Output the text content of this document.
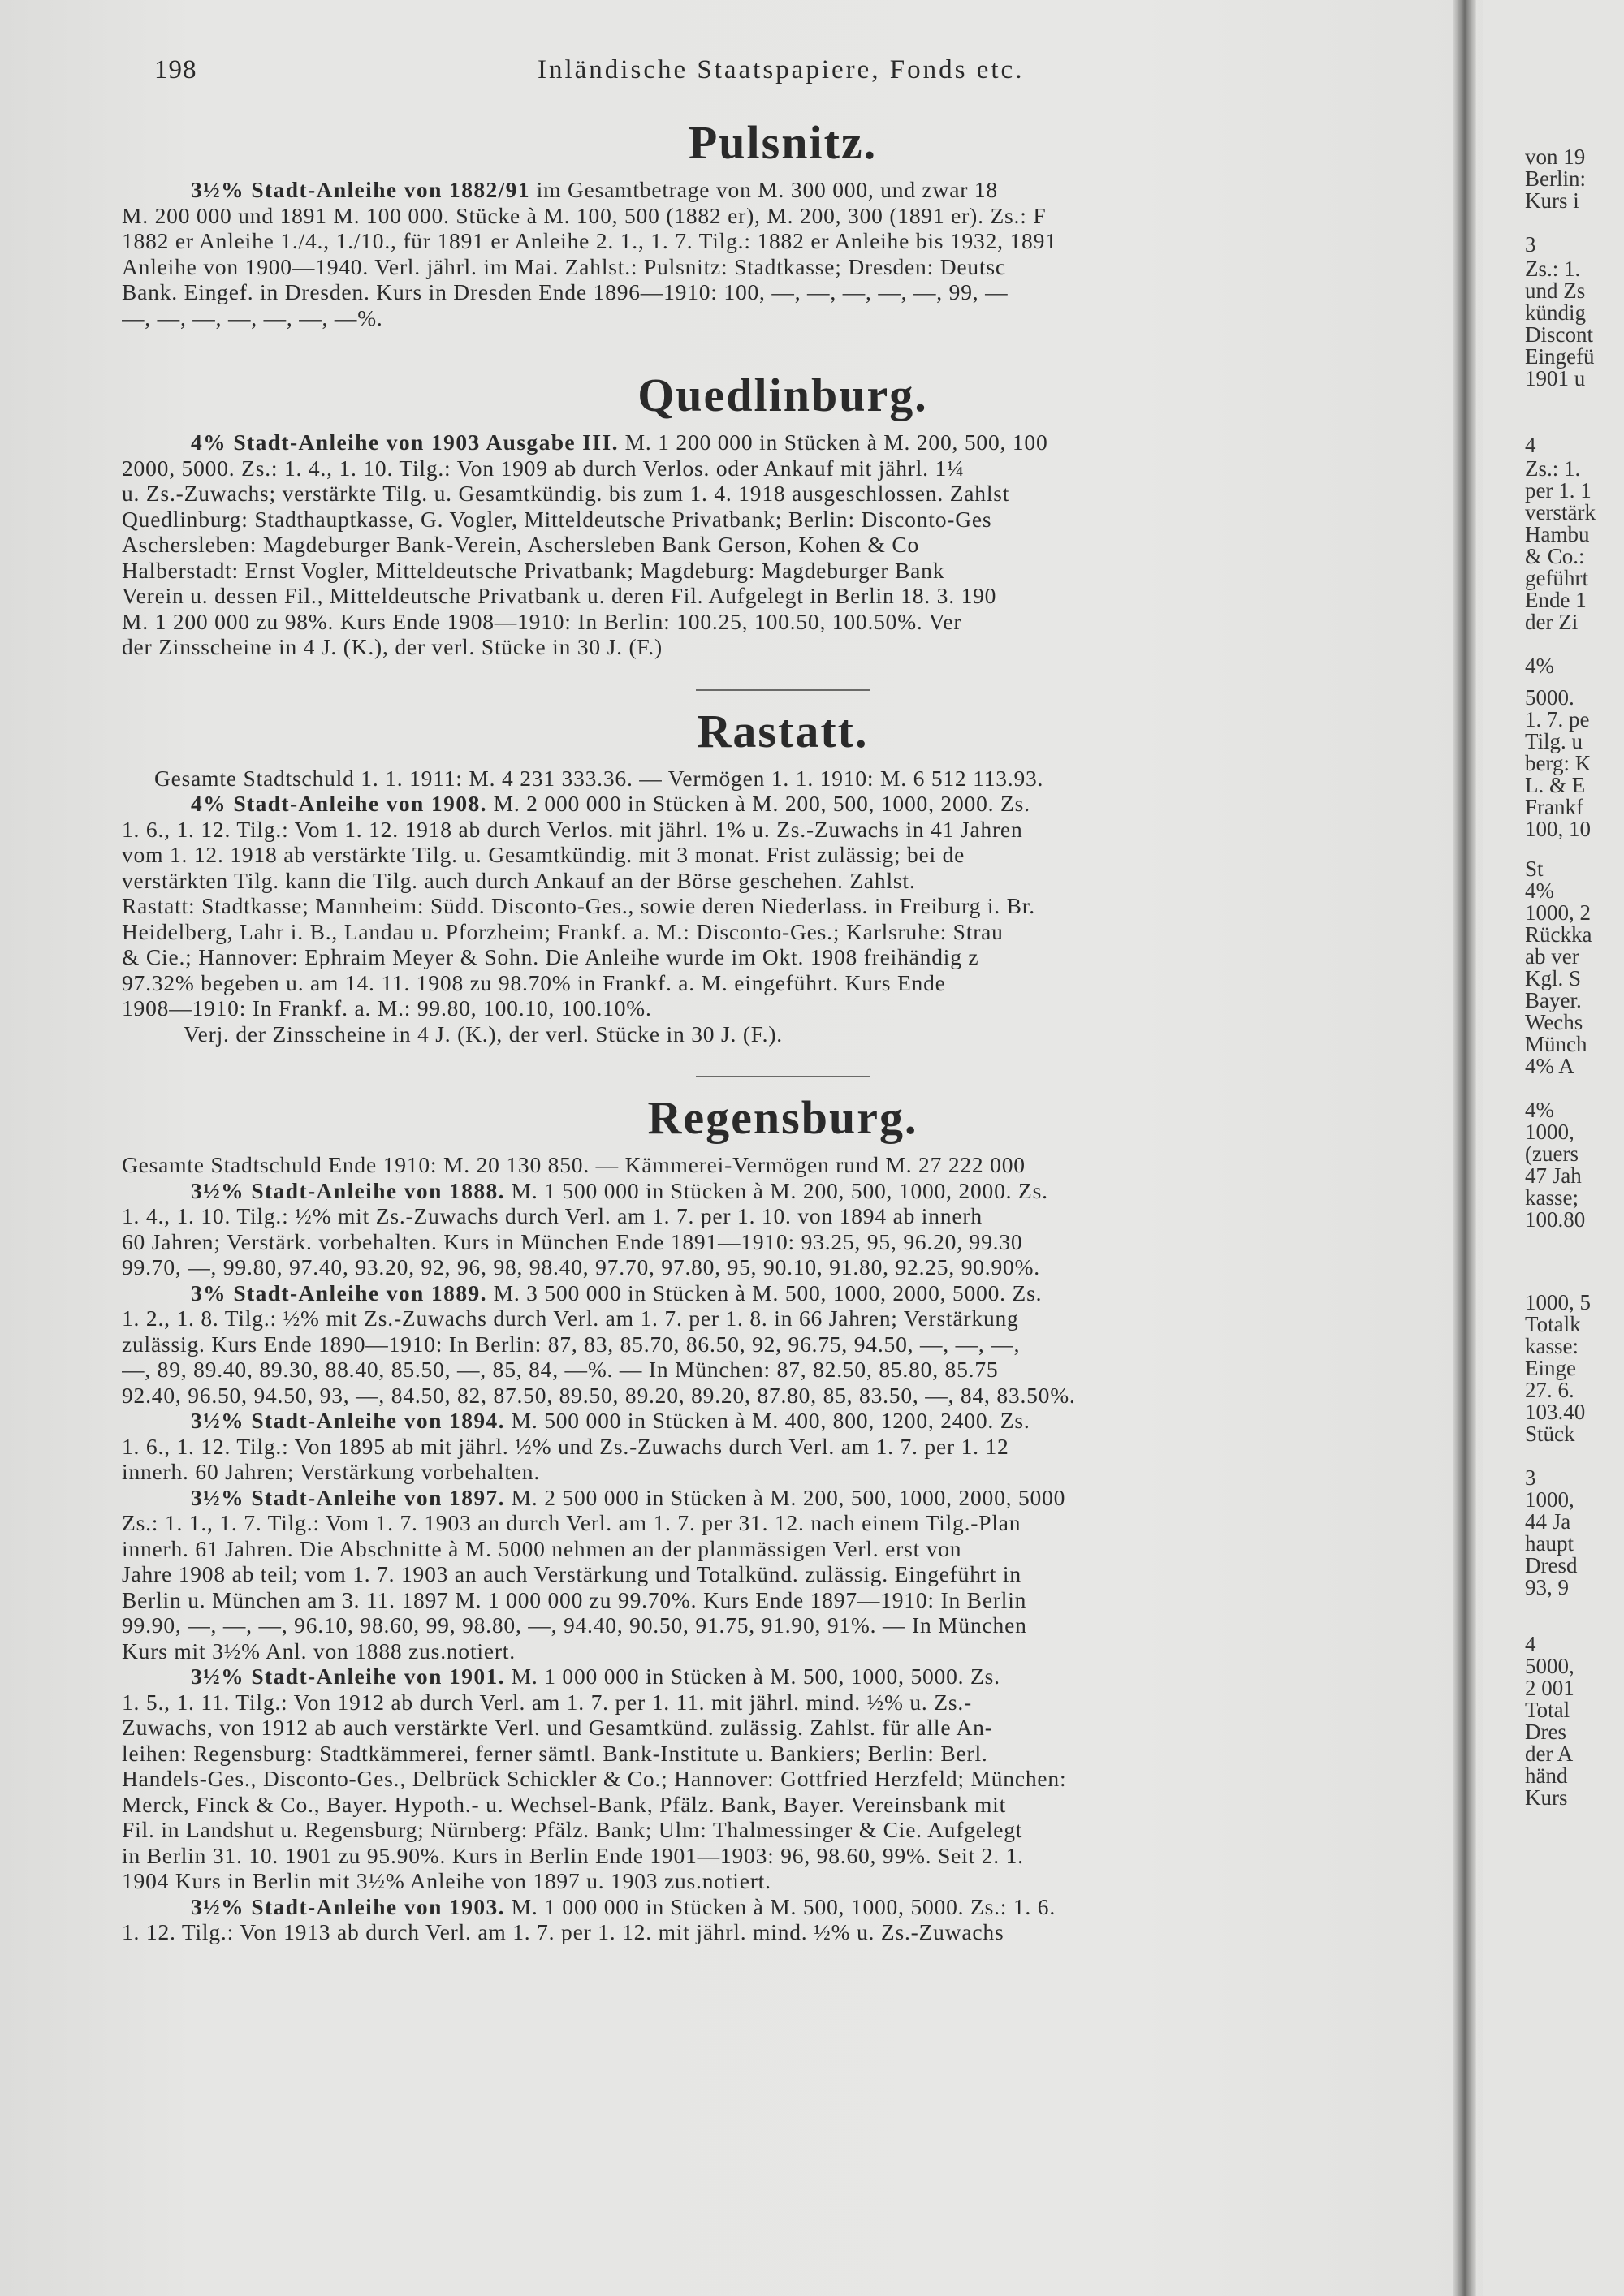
198	Inländische Staatspapiere, Fonds etc.
Pulsnitz.

3½% Stadt-Anleihe von 1882/91 im Gesamtbetrage von M. 300 000, und zwar 18

M. 200 000 und 1891 M. 100 000. Stücke à M. 100, 500 (1882 er), M. 200, 300 (1891 er). Zs.: F

1882 er Anleihe 1./4., 1./10., für 1891 er Anleihe 2. 1., 1. 7. Tilg.: 1882 er Anleihe bis 1932, 1891

Anleihe von 1900—1940. Verl. jährl. im Mai. Zahlst.: Pulsnitz: Stadtkasse; Dresden: Deutsc

Bank. Eingef. in Dresden. Kurs in Dresden Ende 1896—1910: 100, —, —, —, —, —, 99, —

—, —, —, —, —, —, —%.

Quedlinburg.

4% Stadt-Anleihe von 1903 Ausgabe III. M. 1 200 000 in Stücken à M. 200, 500, 100

2000, 5000. Zs.: 1. 4., 1. 10. Tilg.: Von 1909 ab durch Verlos. oder Ankauf mit jährl. 1¼

u. Zs.-Zuwachs; verstärkte Tilg. u. Gesamtkündig. bis zum 1. 4. 1918 ausgeschlossen. Zahlst

Quedlinburg: Stadthauptkasse, G. Vogler, Mitteldeutsche Privatbank; Berlin: Disconto-Ges

Aschersleben: Magdeburger Bank-Verein, Aschersleben Bank Gerson, Kohen & Co

Halberstadt: Ernst Vogler, Mitteldeutsche Privatbank; Magdeburg: Magdeburger Bank

Verein u. dessen Fil., Mitteldeutsche Privatbank u. deren Fil. Aufgelegt in Berlin 18. 3. 190

M. 1 200 000 zu 98%. Kurs Ende 1908—1910: In Berlin: 100.25, 100.50, 100.50%. Ver

der Zinsscheine in 4 J. (K.), der verl. Stücke in 30 J. (F.)

Rastatt.

Gesamte Stadtschuld 1. 1. 1911: M. 4 231 333.36. — Vermögen 1. 1. 1910: M. 6 512 113.93.

4% Stadt-Anleihe von 1908. M. 2 000 000 in Stücken à M. 200, 500, 1000, 2000. Zs.

1. 6., 1. 12. Tilg.: Vom 1. 12. 1918 ab durch Verlos. mit jährl. 1% u. Zs.-Zuwachs in 41 Jahren

vom 1. 12. 1918 ab verstärkte Tilg. u. Gesamtkündig. mit 3 monat. Frist zulässig; bei de

verstärkten Tilg. kann die Tilg. auch durch Ankauf an der Börse geschehen. Zahlst.

Rastatt: Stadtkasse; Mannheim: Südd. Disconto-Ges., sowie deren Niederlass. in Freiburg i. Br.

Heidelberg, Lahr i. B., Landau u. Pforzheim; Frankf. a. M.: Disconto-Ges.; Karlsruhe: Strau

& Cie.; Hannover: Ephraim Meyer & Sohn. Die Anleihe wurde im Okt. 1908 freihändig z

97.32% begeben u. am 14. 11. 1908 zu 98.70% in Frankf. a. M. eingeführt. Kurs Ende

1908—1910: In Frankf. a. M.: 99.80, 100.10, 100.10%.

Verj. der Zinsscheine in 4 J. (K.), der verl. Stücke in 30 J. (F.).

Regensburg.

Gesamte Stadtschuld Ende 1910: M. 20 130 850. — Kämmerei-Vermögen rund M. 27 222 000

3½% Stadt-Anleihe von 1888. M. 1 500 000 in Stücken à M. 200, 500, 1000, 2000. Zs.

1. 4., 1. 10. Tilg.: ½% mit Zs.-Zuwachs durch Verl. am 1. 7. per 1. 10. von 1894 ab innerh

60 Jahren; Verstärk. vorbehalten. Kurs in München Ende 1891—1910: 93.25, 95, 96.20, 99.30

99.70, —, 99.80, 97.40, 93.20, 92, 96, 98, 98.40, 97.70, 97.80, 95, 90.10, 91.80, 92.25, 90.90%.

3% Stadt-Anleihe von 1889. M. 3 500 000 in Stücken à M. 500, 1000, 2000, 5000. Zs.

1. 2., 1. 8. Tilg.: ½% mit Zs.-Zuwachs durch Verl. am 1. 7. per 1. 8. in 66 Jahren; Verstärkung

zulässig. Kurs Ende 1890—1910: In Berlin: 87, 83, 85.70, 86.50, 92, 96.75, 94.50, —, —, —,

—, 89, 89.40, 89.30, 88.40, 85.50, —, 85, 84, —%. — In München: 87, 82.50, 85.80, 85.75

92.40, 96.50, 94.50, 93, —, 84.50, 82, 87.50, 89.50, 89.20, 89.20, 87.80, 85, 83.50, —, 84, 83.50%.

3½% Stadt-Anleihe von 1894. M. 500 000 in Stücken à M. 400, 800, 1200, 2400. Zs.

1. 6., 1. 12. Tilg.: Von 1895 ab mit jährl. ½% und Zs.-Zuwachs durch Verl. am 1. 7. per 1. 12

innerh. 60 Jahren; Verstärkung vorbehalten.

3½% Stadt-Anleihe von 1897. M. 2 500 000 in Stücken à M. 200, 500, 1000, 2000, 5000

Zs.: 1. 1., 1. 7. Tilg.: Vom 1. 7. 1903 an durch Verl. am 1. 7. per 31. 12. nach einem Tilg.-Plan

innerh. 61 Jahren. Die Abschnitte à M. 5000 nehmen an der planmässigen Verl. erst von

Jahre 1908 ab teil; vom 1. 7. 1903 an auch Verstärkung und Totalkünd. zulässig. Eingeführt in

Berlin u. München am 3. 11. 1897 M. 1 000 000 zu 99.70%. Kurs Ende 1897—1910: In Berlin

99.90, —, —, —, 96.10, 98.60, 99, 98.80, —, 94.40, 90.50, 91.75, 91.90, 91%. — In München

Kurs mit 3½% Anl. von 1888 zus.notiert.

3½% Stadt-Anleihe von 1901. M. 1 000 000 in Stücken à M. 500, 1000, 5000. Zs.

1. 5., 1. 11. Tilg.: Von 1912 ab durch Verl. am 1. 7. per 1. 11. mit jährl. mind. ½% u. Zs.-

Zuwachs, von 1912 ab auch verstärkte Verl. und Gesamtkünd. zulässig. Zahlst. für alle An-

leihen: Regensburg: Stadtkämmerei, ferner sämtl. Bank-Institute u. Bankiers; Berlin: Berl.

Handels-Ges., Disconto-Ges., Delbrück Schickler & Co.; Hannover: Gottfried Herzfeld; München:

Merck, Finck & Co., Bayer. Hypoth.- u. Wechsel-Bank, Pfälz. Bank, Bayer. Vereinsbank mit

Fil. in Landshut u. Regensburg; Nürnberg: Pfälz. Bank; Ulm: Thalmessinger & Cie. Aufgelegt

in Berlin 31. 10. 1901 zu 95.90%. Kurs in Berlin Ende 1901—1903: 96, 98.60, 99%. Seit 2. 1.

1904 Kurs in Berlin mit 3½% Anleihe von 1897 u. 1903 zus.notiert.

3½% Stadt-Anleihe von 1903. M. 1 000 000 in Stücken à M. 500, 1000, 5000. Zs.: 1. 6.

1. 12. Tilg.: Von 1913 ab durch Verl. am 1. 7. per 1. 12. mit jährl. mind. ½% u. Zs.-Zuwachs

von 19
Berlin:
Kurs i
3
Zs.: 1.
und Zs
kündig
Discont
Eingefü
1901 u
4
Zs.: 1.
per 1. 1
verstärk
Hambu
& Co.:
geführt
Ende 1
der Zi
4%
5000.
1. 7. pe
Tilg. u
berg: K
L. & E
Frankf
100, 10
St
4%
1000, 2
Rückka
ab ver
Kgl. S
Bayer.
Wechs
Münch
4% A
4%
1000,
(zuers
47 Jah
kasse;
100.80
1000, 5
Totalk
kasse:
Einge
27. 6.
103.40
Stück
3
1000,
44 Ja
haupt
Dresd
93, 9
4
5000,
2 001
Total
Dres
der A
händ
Kurs
